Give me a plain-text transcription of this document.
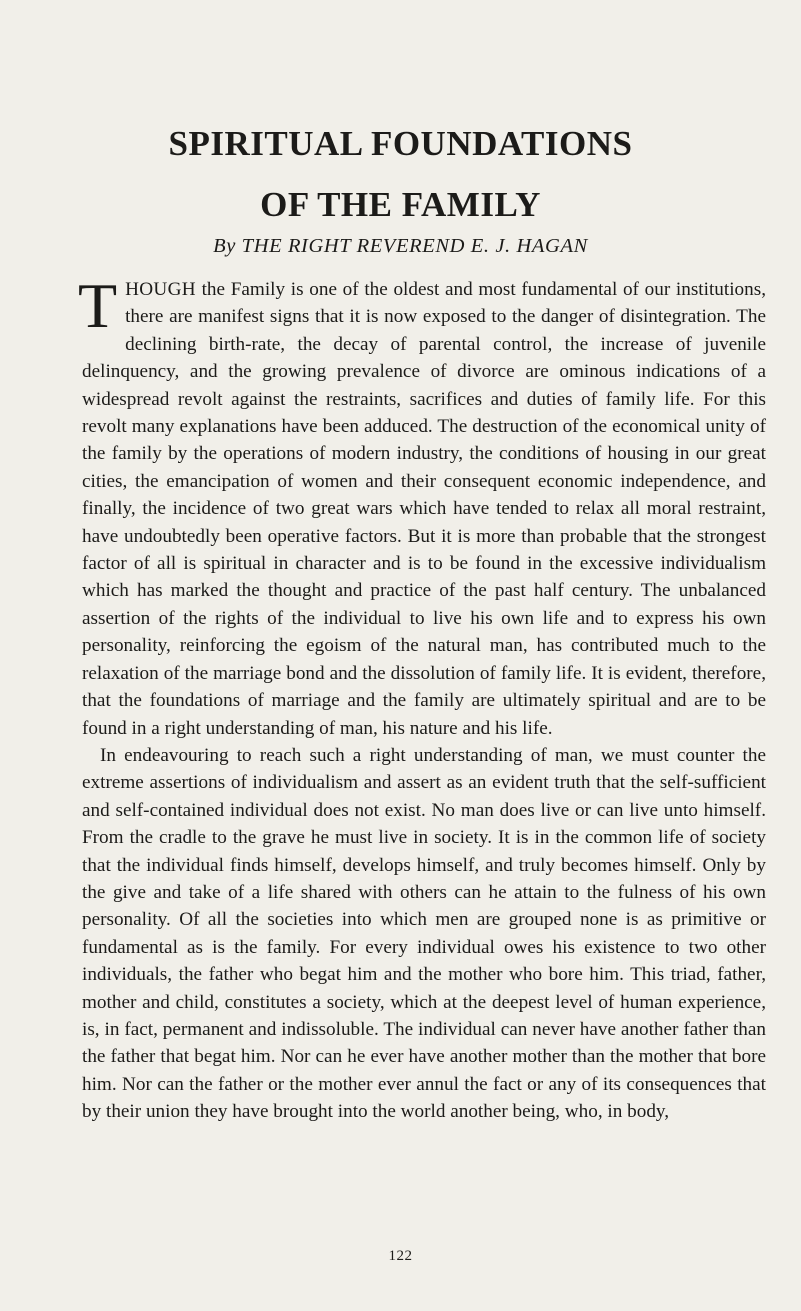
SPIRITUAL FOUNDATIONS
OF THE FAMILY
By THE RIGHT REVEREND E. J. HAGAN

THOUGH the Family is one of the oldest and most fundamental of our institutions, there are manifest signs that it is now exposed to the danger of disintegration. The declining birth-rate, the decay of parental control, the increase of juvenile delinquency, and the growing prevalence of divorce are ominous indications of a widespread revolt against the restraints, sacrifices and duties of family life. For this revolt many explanations have been adduced. The destruction of the economical unity of the family by the operations of modern industry, the conditions of housing in our great cities, the emancipation of women and their consequent economic independence, and finally, the incidence of two great wars which have tended to relax all moral restraint, have undoubtedly been operative factors. But it is more than probable that the strongest factor of all is spiritual in character and is to be found in the excessive individualism which has marked the thought and practice of the past half century. The unbalanced assertion of the rights of the individual to live his own life and to express his own personality, reinforcing the egoism of the natural man, has contributed much to the relaxation of the marriage bond and the dissolution of family life. It is evident, therefore, that the foundations of marriage and the family are ultimately spiritual and are to be found in a right understanding of man, his nature and his life.

In endeavouring to reach such a right understanding of man, we must counter the extreme assertions of individualism and assert as an evident truth that the self-sufficient and self-contained individual does not exist. No man does live or can live unto himself. From the cradle to the grave he must live in society. It is in the common life of society that the individual finds himself, develops himself, and truly becomes himself. Only by the give and take of a life shared with others can he attain to the fulness of his own personality. Of all the societies into which men are grouped none is as primitive or fundamental as is the family. For every individual owes his existence to two other individuals, the father who begat him and the mother who bore him. This triad, father, mother and child, constitutes a society, which at the deepest level of human experience, is, in fact, permanent and indissoluble. The individual can never have another father than the father that begat him. Nor can he ever have another mother than the mother that bore him. Nor can the father or the mother ever annul the fact or any of its consequences that by their union they have brought into the world another being, who, in body,

122
